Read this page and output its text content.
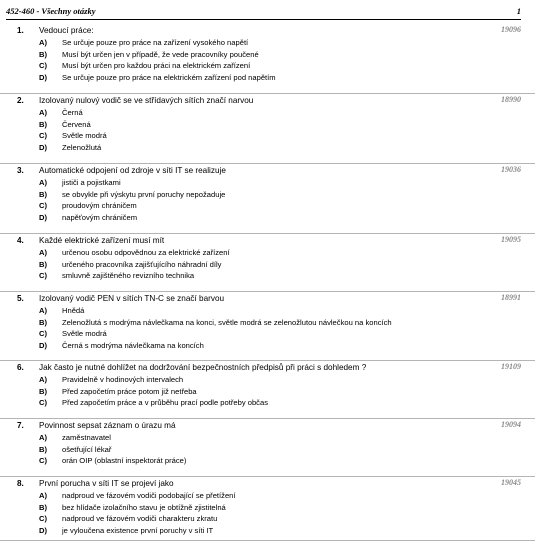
452-460 - Všechny otázky	1
1. Vedoucí práce:	19096
A) Se určuje pouze pro práce na zařízení vysokého napětí
B) Musí být určen jen v případě, že vede pracovníky poučené
C) Musí být určen pro každou práci na elektrickém zařízení
D) Se určuje pouze pro práce na elektrickém zařízení pod napětím
2. Izolovaný nulový vodič se ve střídavých sítích značí narvou	18990
A) Černá
B) Červená
C) Světle modrá
D) Zelenožlutá
3. Automatické odpojení od zdroje v síti IT se realizuje	19036
A) jističi a pojistkami
B) se obvykle při výskytu první poruchy nepožaduje
C) proudovým chráničem
D) napěťovým chráničem
4. Každé elektrické zařízení musí mít	19095
A) určenou osobu odpovědnou za elektrické zařízení
B) určeného pracovníka zajišťujícího náhradní díly
C) smluvně zajištěného revizního technika
5. Izolovaný vodič PEN v sítích TN-C se značí barvou	18991
A) Hnědá
B) Zelenožlutá s modrýma návlečkama na konci, světle modrá se zelenožlutou návlečkou na koncích
C) Světle modrá
D) Černá s modrýma návlečkama na koncích
6. Jak často je nutné dohlížet na dodržování bezpečnostních předpisů při práci s dohledem ?	19109
A) Pravidelně v hodinových intervalech
B) Před započetím práce potom již netřeba
C) Před započetím práce a v průběhu prací podle potřeby občas
7. Povinnost sepsat záznam o úrazu má	19094
A) zaměstnavatel
B) ošetřující lékař
C) orán OIP (oblastní inspektorát práce)
8. První porucha v síti IT se projeví jako	19045
A) nadproud ve fázovém vodiči podobající se přetížení
B) bez hlídače izolačního stavu je obtížně zjistitelná
C) nadproud ve fázovém vodiči charakteru zkratu
D) je vyloučena existence první poruchy v síti IT
